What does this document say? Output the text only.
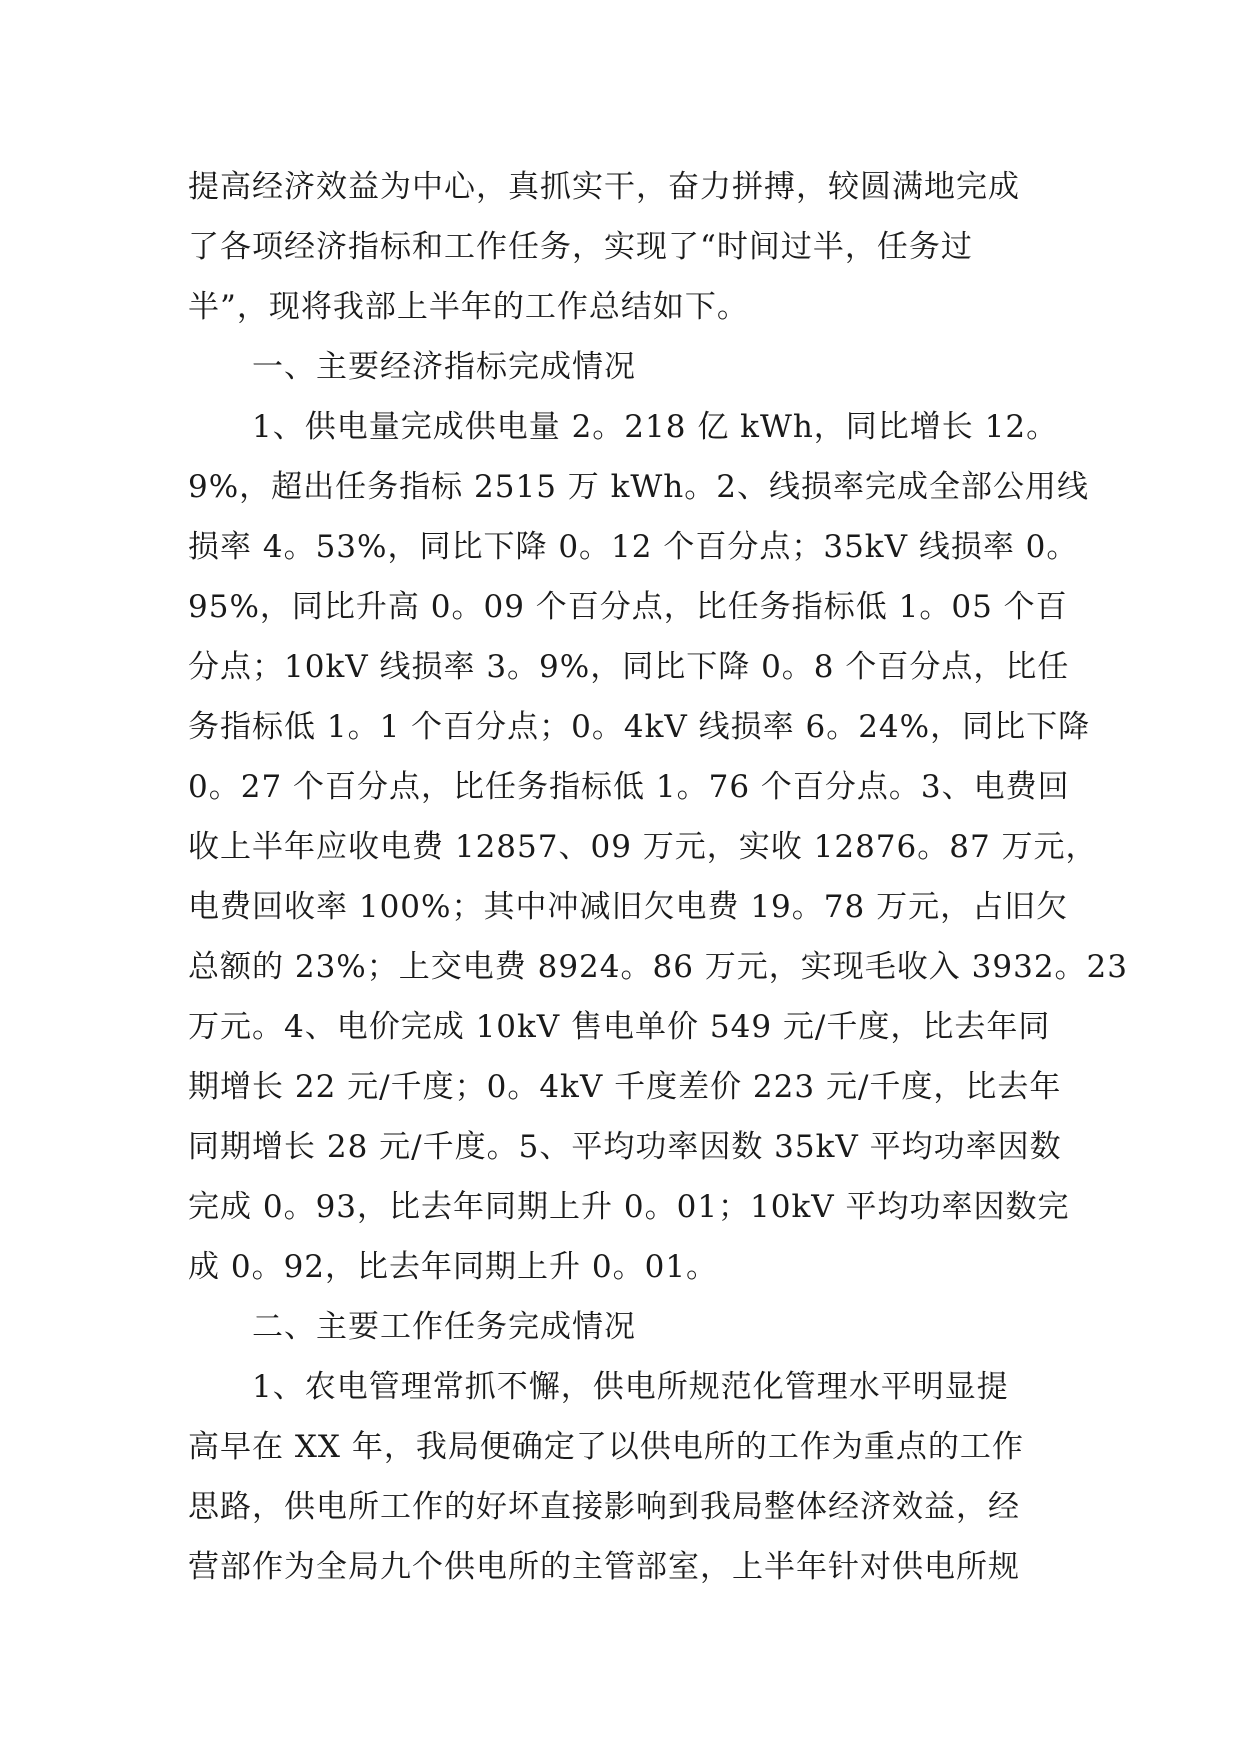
提高经济效益为中心，真抓实干，奋力拼搏，较圆满地完成
了各项经济指标和工作任务，实现了“时间过半，任务过
半”，现将我部上半年的工作总结如下。
一、主要经济指标完成情况
1、供电量完成供电量 2。218 亿 kWh，同比增长 12。
9%，超出任务指标 2515 万 kWh。2、线损率完成全部公用线
损率 4。53%，同比下降 0。12 个百分点；35kV 线损率 0。
95%，同比升高 0。09 个百分点，比任务指标低 1。05 个百
分点；10kV 线损率 3。9%，同比下降 0。8 个百分点，比任
务指标低 1。1 个百分点；0。4kV 线损率 6。24%，同比下降
0。27 个百分点，比任务指标低 1。76 个百分点。3、电费回
收上半年应收电费 12857、09 万元，实收 12876。87 万元，
电费回收率 100%；其中冲减旧欠电费 19。78 万元，占旧欠
总额的 23%；上交电费 8924。86 万元，实现毛收入 3932。23
万元。4、电价完成 10kV 售电单价 549 元/千度，比去年同
期增长 22 元/千度；0。4kV 千度差价 223 元/千度，比去年
同期增长 28 元/千度。5、平均功率因数 35kV 平均功率因数
完成 0。93，比去年同期上升 0。01；10kV 平均功率因数完
成 0。92，比去年同期上升 0。01。
二、主要工作任务完成情况
1、农电管理常抓不懈，供电所规范化管理水平明显提
高早在 XX 年，我局便确定了以供电所的工作为重点的工作
思路，供电所工作的好坏直接影响到我局整体经济效益，经
营部作为全局九个供电所的主管部室，上半年针对供电所规
